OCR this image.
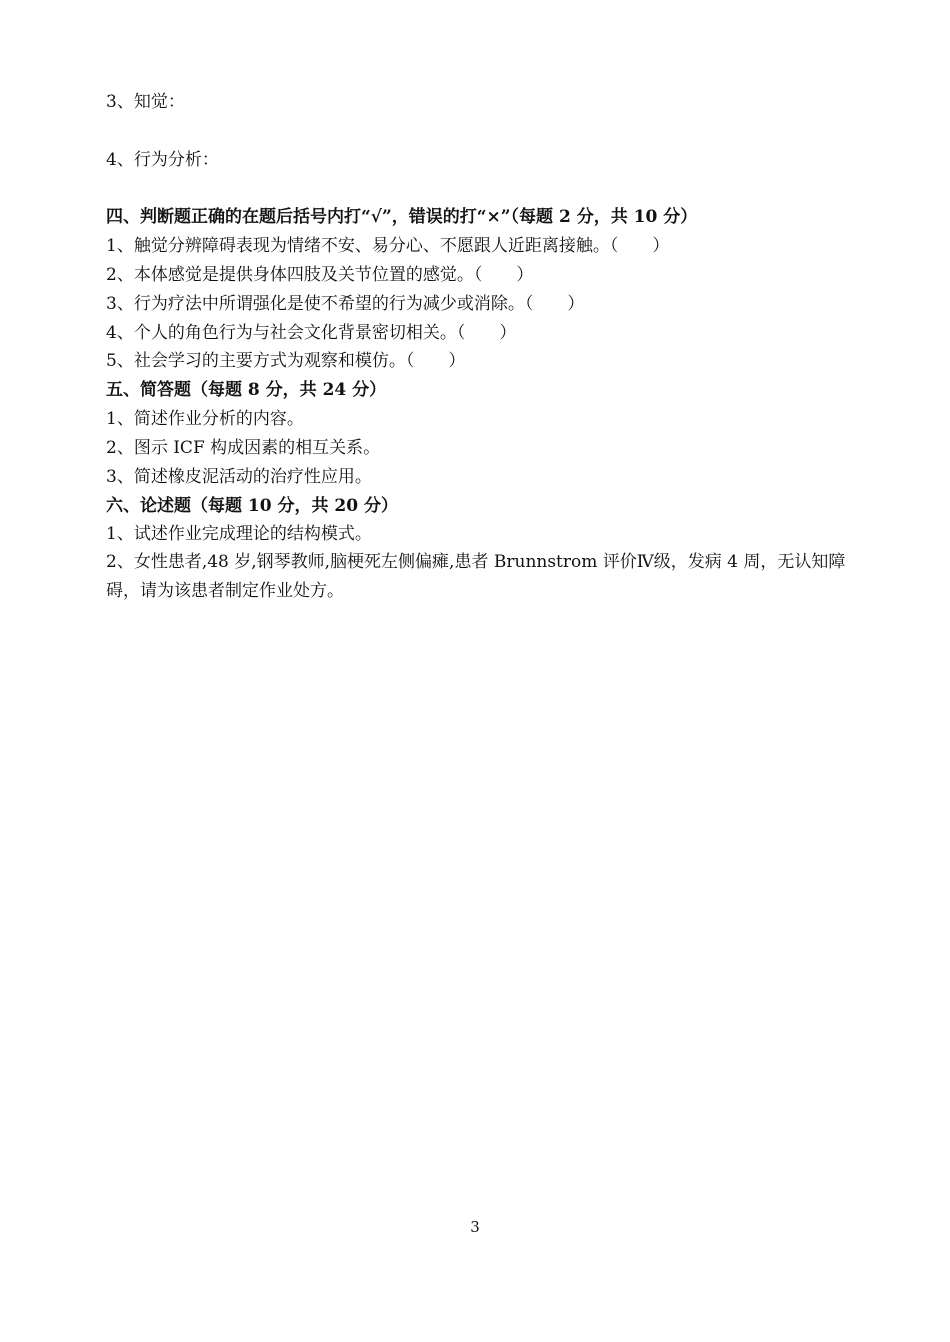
3、知觉：
4、行为分析：
四、判断题正确的在题后括号内打“√”，错误的打“×”（每题 2 分，共 10 分）
1、触觉分辨障碍表现为情绪不安、易分心、不愿跟人近距离接触。（　　）
2、本体感觉是提供身体四肢及关节位置的感觉。（　　）
3、行为疗法中所谓强化是使不希望的行为减少或消除。（　　）
4、个人的角色行为与社会文化背景密切相关。（　　）
5、社会学习的主要方式为观察和模仿。（　　）
五、简答题（每题 8 分，共 24 分）
1、简述作业分析的内容。
2、图示 ICF 构成因素的相互关系。
3、简述橡皮泥活动的治疗性应用。
六、论述题（每题 10 分，共 20 分）
1、试述作业完成理论的结构模式。
2、女性患者,48 岁,钢琴教师,脑梗死左侧偏瘫,患者 Brunnstrom 评价Ⅳ级，发病 4 周，无认知障碍，请为该患者制定作业处方。
3
